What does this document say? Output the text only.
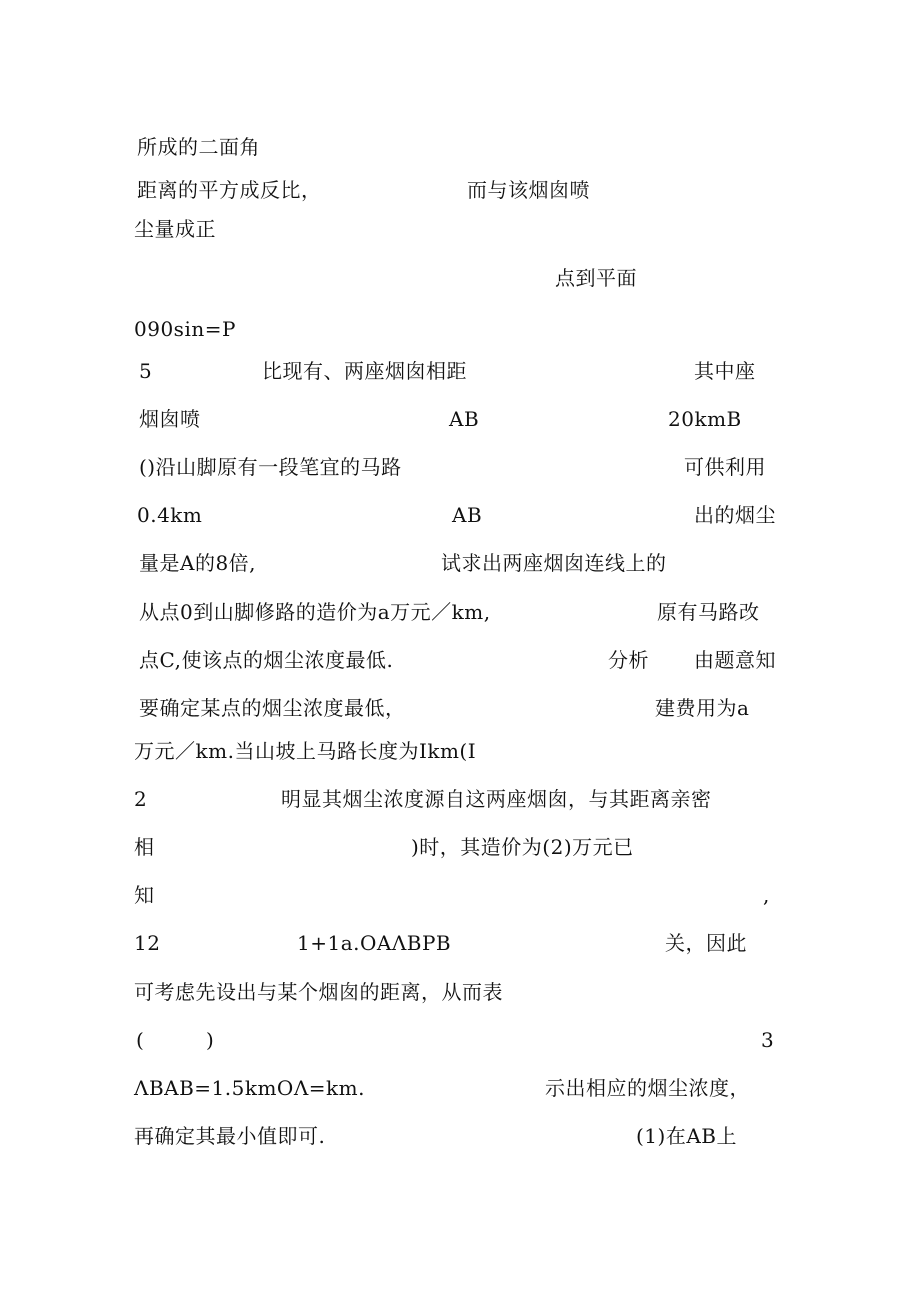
所成的二面角
距离的平方成反比，	而与该烟囱喷
尘量成正
点到平面
090sin=P
5	比现有、两座烟囱相距	其中座
烟囱喷	AB	20kmB
()沿山脚原有一段笔宜的马路	可供利用
0.4km	AB	出的烟尘
量是A的8倍,	试求出两座烟囱连线上的
从点0到山脚修路的造价为a万元／km,	原有马路改
点C,使该点的烟尘浓度最低.	分析 由题意知
要确定某点的烟尘浓度最低，	建费用为a
万元／km.当山坡上马路长度为Ikm(I
2	明显其烟尘浓度源自这两座烟囱，与其距离亲密
相	)时，其造价为(2)万元已
知	,
12	1+1a.OAΛBPB	关，因此
可考虑先设出与某个烟囱的距离，从而表
(	)	3
ΛBAB=1.5kmOΛ=km.	示出相应的烟尘浓度，
再确定其最小值即可.	(1)在AB上
